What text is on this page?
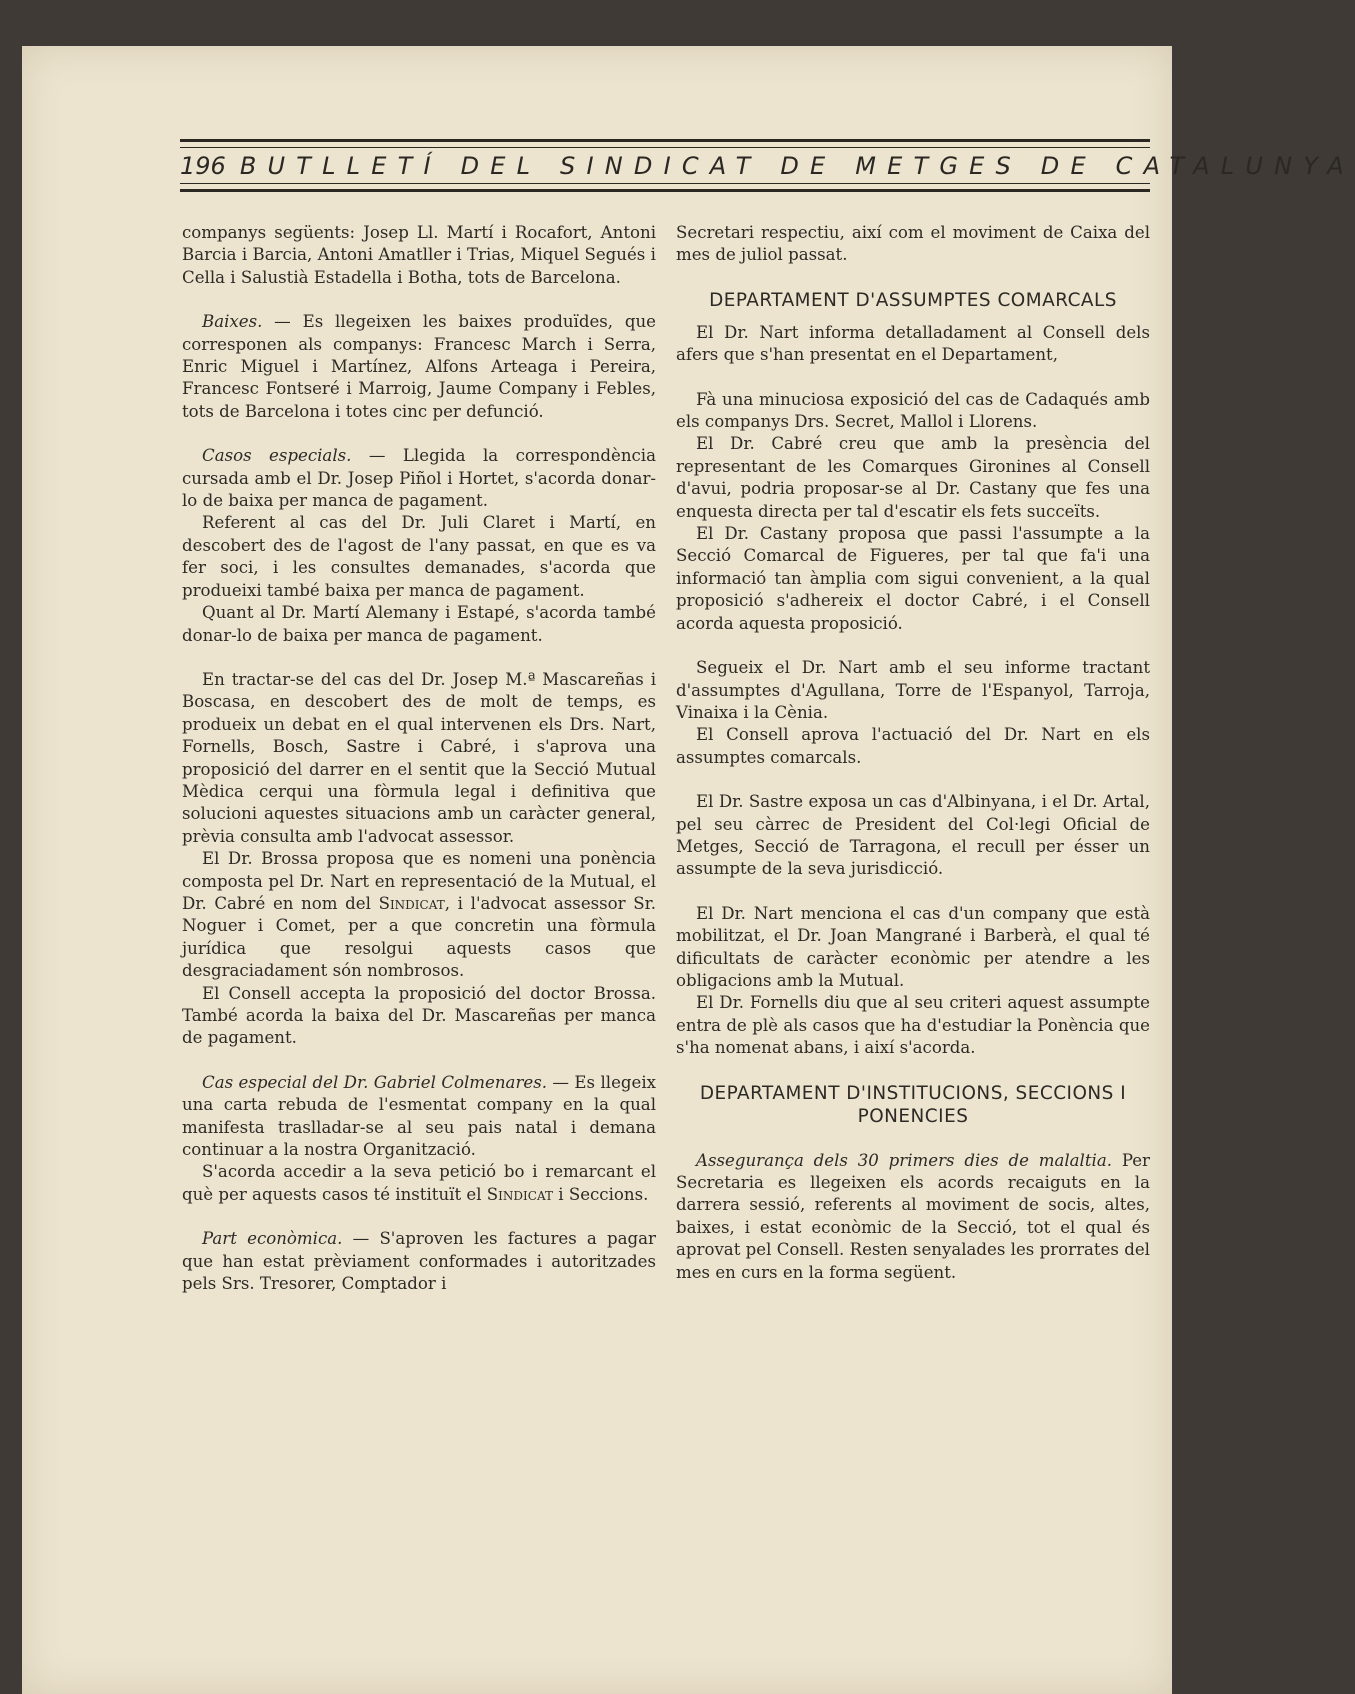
196 BUTLLETÍ DEL SINDICAT DE METGES DE CATALUNYA

companys següents: Josep Ll. Martí i Rocafort, Antoni Barcia i Barcia, Antoni Amatller i Trias, Miquel Segués i Cella i Salustià Estadella i Botha, tots de Barcelona.

Baixes. — Es llegeixen les baixes produïdes, que corresponen als companys: Francesc March i Serra, Enric Miguel i Martínez, Alfons Arteaga i Pereira, Francesc Fontseré i Marroig, Jaume Company i Febles, tots de Barcelona i totes cinc per defunció.

Casos especials. — Llegida la correspondència cursada amb el Dr. Josep Piñol i Hortet, s'acorda donar-lo de baixa per manca de pagament.

Referent al cas del Dr. Juli Claret i Martí, en descobert des de l'agost de l'any passat, en que es va fer soci, i les consultes demanades, s'acorda que produeixi també baixa per manca de pagament.

Quant al Dr. Martí Alemany i Estapé, s'acorda també donar-lo de baixa per manca de pagament.

En tractar-se del cas del Dr. Josep M.ª Mascareñas i Boscasa, en descobert des de molt de temps, es produeix un debat en el qual intervenen els Drs. Nart, Fornells, Bosch, Sastre i Cabré, i s'aprova una proposició del darrer en el sentit que la Secció Mutual Mèdica cerqui una fòrmula legal i definitiva que solucioni aquestes situacions amb un caràcter general, prèvia consulta amb l'advocat assessor.

El Dr. Brossa proposa que es nomeni una ponència composta pel Dr. Nart en representació de la Mutual, el Dr. Cabré en nom del Sindicat, i l'advocat assessor Sr. Noguer i Comet, per a que concretin una fòrmula jurídica que resolgui aquests casos que desgraciadament són nombrosos.

El Consell accepta la proposició del doctor Brossa. També acorda la baixa del Dr. Mascareñas per manca de pagament.

Cas especial del Dr. Gabriel Colmenares. — Es llegeix una carta rebuda de l'esmentat company en la qual manifesta traslladar-se al seu pais natal i demana continuar a la nostra Organització.

S'acorda accedir a la seva petició bo i remarcant el què per aquests casos té instituït el Sindicat i Seccions.

Part econòmica. — S'aproven les factures a pagar que han estat prèviament conformades i autoritzades pels Srs. Tresorer, Comptador i

Secretari respectiu, així com el moviment de Caixa del mes de juliol passat.

DEPARTAMENT D'ASSUMPTES COMARCALS

El Dr. Nart informa detalladament al Consell dels afers que s'han presentat en el Departament,

Fà una minuciosa exposició del cas de Cadaqués amb els companys Drs. Secret, Mallol i Llorens.

El Dr. Cabré creu que amb la presència del representant de les Comarques Gironines al Consell d'avui, podria proposar-se al Dr. Castany que fes una enquesta directa per tal d'escatir els fets succeïts.

El Dr. Castany proposa que passi l'assumpte a la Secció Comarcal de Figueres, per tal que fa'i una informació tan àmplia com sigui convenient, a la qual proposició s'adhereix el doctor Cabré, i el Consell acorda aquesta proposició.

Segueix el Dr. Nart amb el seu informe tractant d'assumptes d'Agullana, Torre de l'Espanyol, Tarroja, Vinaixa i la Cènia.

El Consell aprova l'actuació del Dr. Nart en els assumptes comarcals.

El Dr. Sastre exposa un cas d'Albinyana, i el Dr. Artal, pel seu càrrec de President del Col·legi Oficial de Metges, Secció de Tarragona, el recull per ésser un assumpte de la seva jurisdicció.

El Dr. Nart menciona el cas d'un company que està mobilitzat, el Dr. Joan Mangrané i Barberà, el qual té dificultats de caràcter econòmic per atendre a les obligacions amb la Mutual.

El Dr. Fornells diu que al seu criteri aquest assumpte entra de plè als casos que ha d'estudiar la Ponència que s'ha nomenat abans, i així s'acorda.

DEPARTAMENT D'INSTITUCIONS, SECCIONS I PONENCIES

Assegurança dels 30 primers dies de malaltia. Per Secretaria es llegeixen els acords recaiguts en la darrera sessió, referents al moviment de socis, altes, baixes, i estat econòmic de la Secció, tot el qual és aprovat pel Consell. Resten senyalades les prorrates del mes en curs en la forma següent.
